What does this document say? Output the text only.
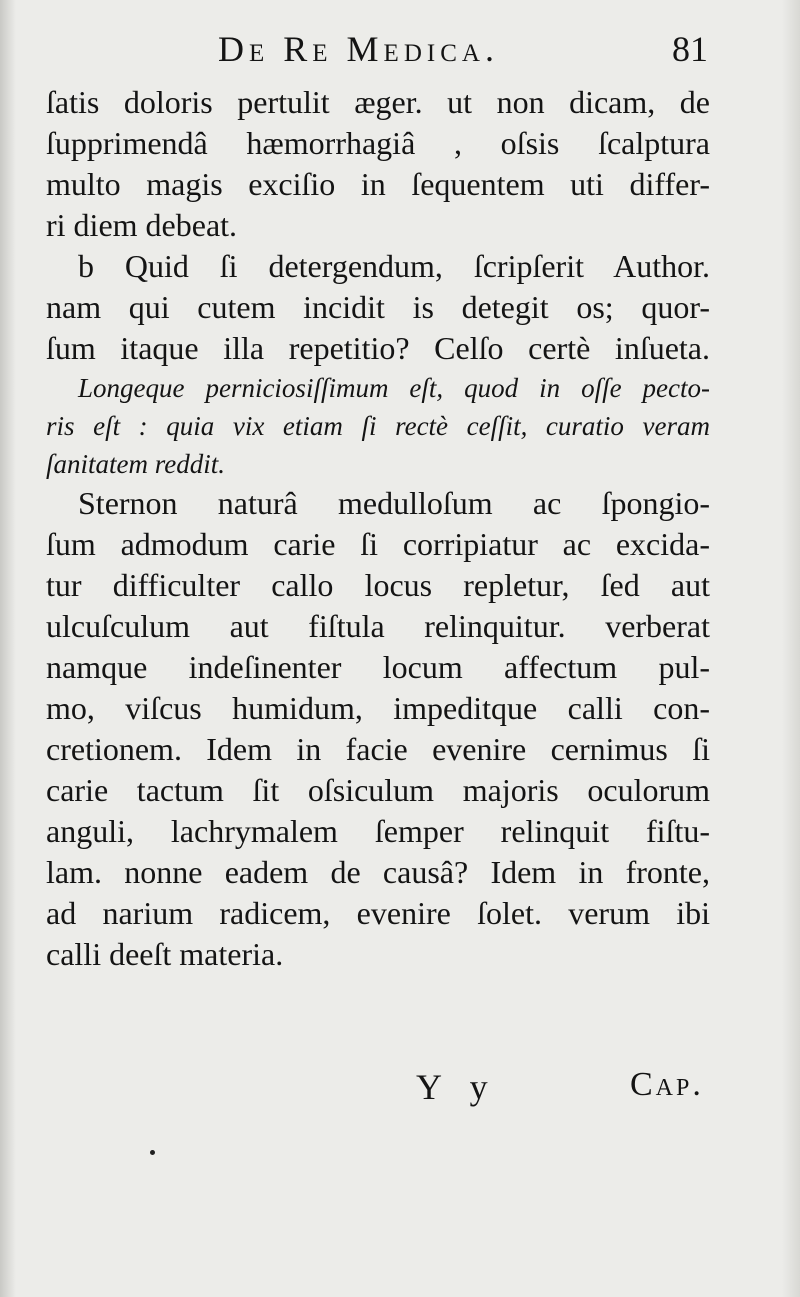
De Re Medica.	81
ſatis doloris pertulit æger. ut non dicam, de
ſupprimendâ hæmorrhagiâ , oſsis ſcalptura
multo magis exciſio in ſequentem uti differ-
ri diem debeat.
b Quid ſi detergendum, ſcripſerit Author.
nam qui cutem incidit is detegit os; quor-
ſum itaque illa repetitio? Celſo certè inſueta.
Longeque perniciosiſſimum eſt, quod in oſſe pecto-
ris eſt : quia vix etiam ſi rectè ceſſit, curatio veram
ſanitatem reddit.
Sternon naturâ medulloſum ac ſpongio-
ſum admodum carie ſi corripiatur ac excida-
tur difficulter callo locus repletur, ſed aut
ulcuſculum aut fiſtula relinquitur. verberat
namque indeſinenter locum affectum pul-
mo, viſcus humidum, impeditque calli con-
cretionem. Idem in facie evenire cernimus ſi
carie tactum ſit oſsiculum majoris oculorum
anguli, lachrymalem ſemper relinquit fiſtu-
lam. nonne eadem de causâ? Idem in fronte,
ad narium radicem, evenire ſolet. verum ibi
calli deeſt materia.
Y y	Cap.
